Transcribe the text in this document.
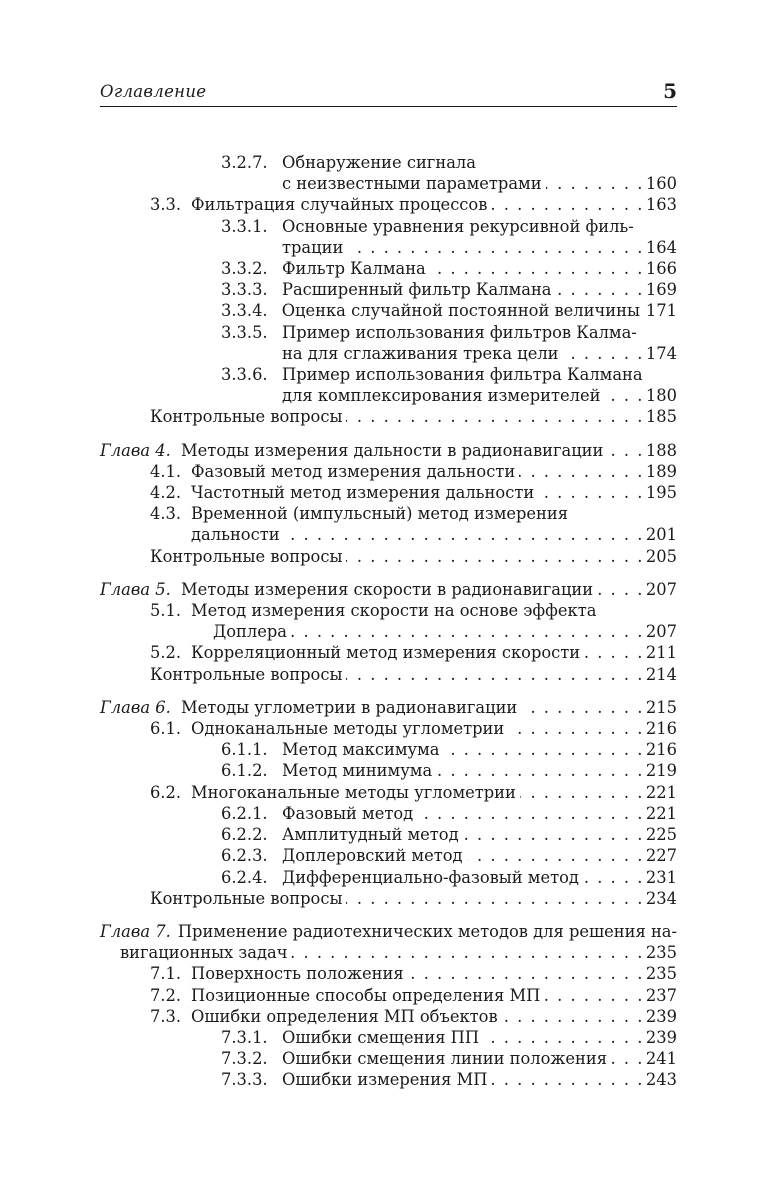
Оглавление	5
3.2.7. Обнаружение сигнала
с неизвестными параметрами . . .	160
3.3. Фильтрация случайных процессов . . .	163
3.3.1. Основные уравнения рекурсивной филь-
трации . . .	164
3.3.2. Фильтр Калмана . . .	166
3.3.3. Расширенный фильтр Калмана . . .	169
3.3.4. Оценка случайной постоянной величины 171
3.3.5. Пример использования фильтров Калма-
на для сглаживания трека цели . . .	174
3.3.6. Пример использования фильтра Калмана
для комплексирования измерителей . . .	180
Контрольные вопросы . . .	185
Глава 4. Методы измерения дальности в радионавигации . . .	188
4.1. Фазовый метод измерения дальности . . .	189
4.2. Частотный метод измерения дальности . . .	195
4.3. Временной (импульсный) метод измерения
дальности . . .	201
Контрольные вопросы . . .	205
Глава 5. Методы измерения скорости в радионавигации . . .	207
5.1. Метод измерения скорости на основе эффекта
Доплера . . .	207
5.2. Корреляционный метод измерения скорости . . .	211
Контрольные вопросы . . .	214
Глава 6. Методы углометрии в радионавигации . . .	215
6.1. Одноканальные методы углометрии . . .	216
6.1.1. Метод максимума . . .	216
6.1.2. Метод минимума . . .	219
6.2. Многоканальные методы углометрии . . .	221
6.2.1. Фазовый метод . . .	221
6.2.2. Амплитудный метод . . .	225
6.2.3. Доплеровский метод . . .	227
6.2.4. Дифференциально-фазовый метод . . .	231
Контрольные вопросы . . .	234
Глава 7. Применение радиотехнических методов для решения на-
вигационных задач . . .	235
7.1. Поверхность положения . . .	235
7.2. Позиционные способы определения МП . . .	237
7.3. Ошибки определения МП объектов . . .	239
7.3.1. Ошибки смещения ПП . . .	239
7.3.2. Ошибки смещения линии положения . . . 241
7.3.3. Ошибки измерения МП . . .	243
